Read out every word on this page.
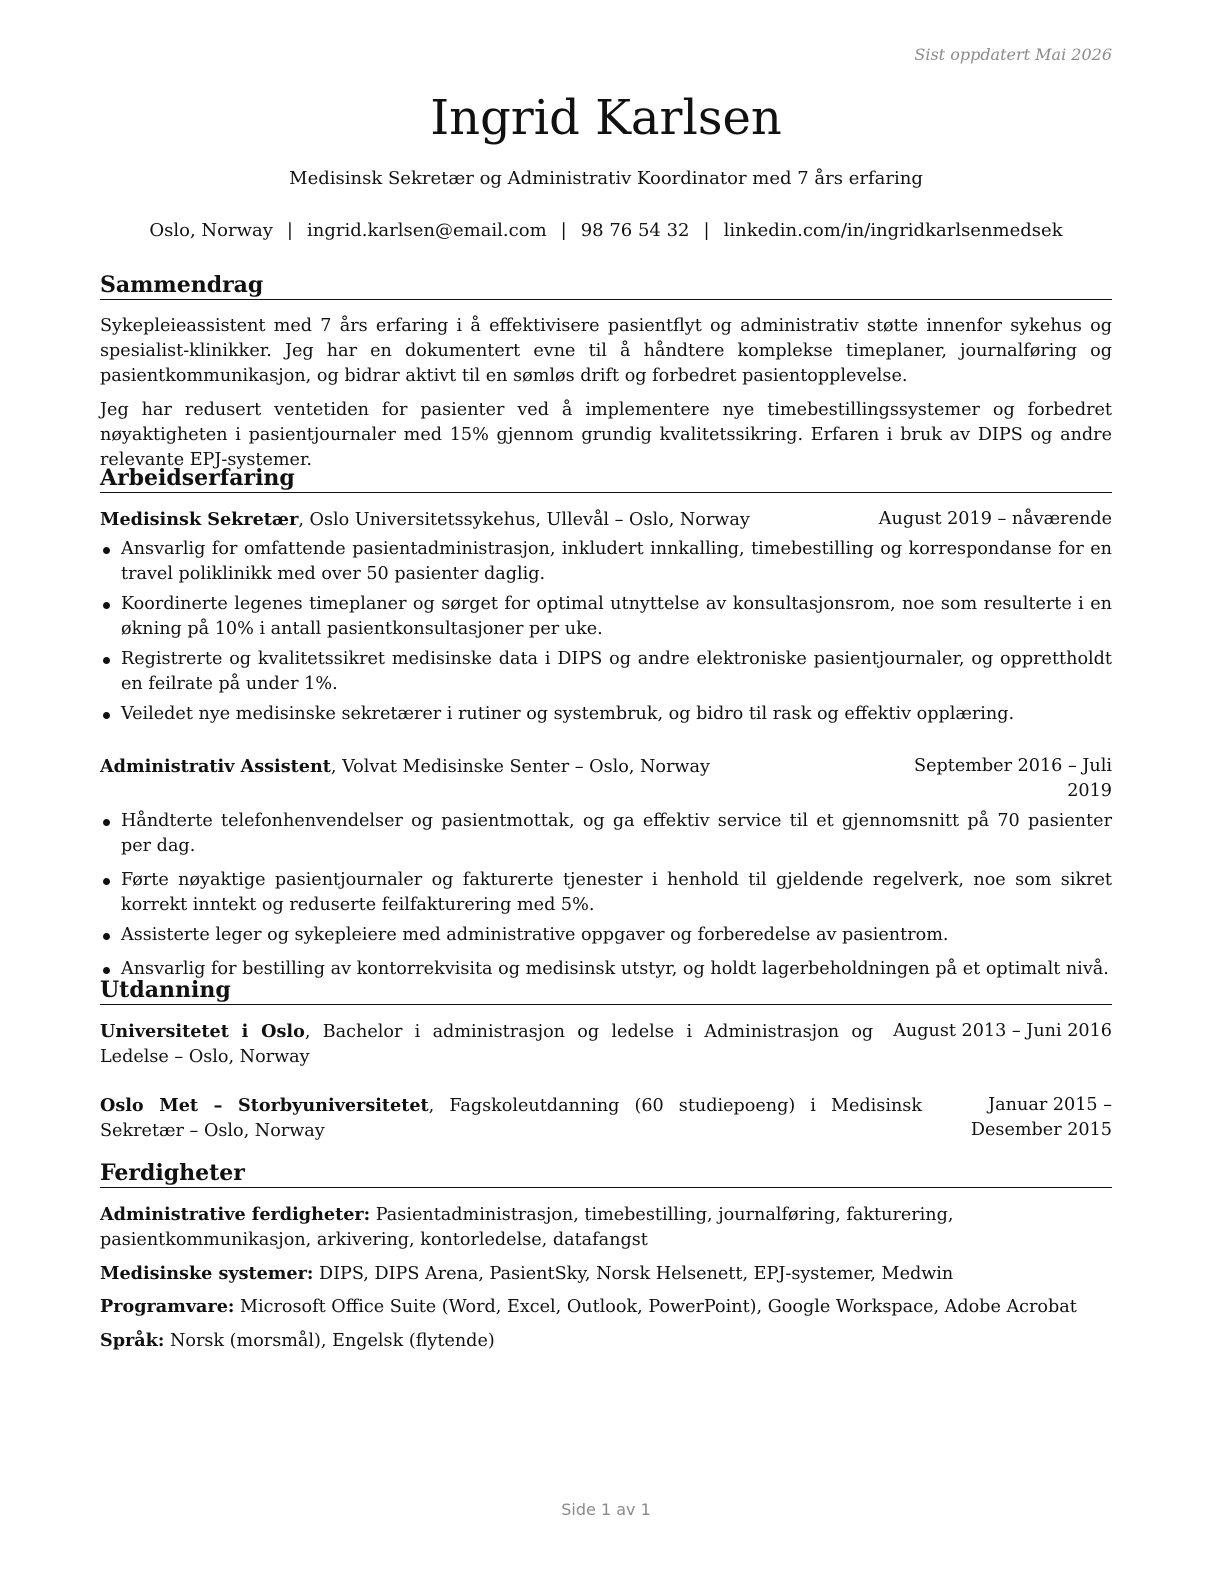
Sist oppdatert Mai 2026
Ingrid Karlsen
Medisinsk Sekretær og Administrativ Koordinator med 7 års erfaring
Oslo, Norway | ingrid.karlsen@email.com | 98 76 54 32 | linkedin.com/in/ingridkarlsenmedsek
Sammendrag

Sykepleieassistent med 7 års erfaring i å effektivisere pasientflyt og administrativ støtte innenfor sykehus og spesialist-klinikker. Jeg har en dokumentert evne til å håndtere komplekse timeplaner, journalføring og pasientkommunikasjon, og bidrar aktivt til en sømløs drift og forbedret pasientopplevelse.

Jeg har redusert ventetiden for pasienter ved å implementere nye timebestillingssystemer og forbedret nøyaktigheten i pasientjournaler med 15% gjennom grundig kvalitetssikring. Erfaren i bruk av DIPS og andre relevante EPJ-systemer.

Arbeidserfaring
Medisinsk Sekretær, Oslo Universitetssykehus, Ullevål – Oslo, Norway	August 2019 – nåværende
Ansvarlig for omfattende pasientadministrasjon, inkludert innkalling, timebestilling og korrespondanse for en travel poliklinikk med over 50 pasienter daglig.
Koordinerte legenes timeplaner og sørget for optimal utnyttelse av konsultasjonsrom, noe som resulterte i en økning på 10% i antall pasientkonsultasjoner per uke.
Registrerte og kvalitetssikret medisinske data i DIPS og andre elektroniske pasientjournaler, og opprettholdt en feilrate på under 1%.
Veiledet nye medisinske sekretærer i rutiner og systembruk, og bidro til rask og effektiv opplæring.
Administrativ Assistent, Volvat Medisinske Senter – Oslo, Norway	September 2016 – Juli 2019
Håndterte telefonhenvendelser og pasientmottak, og ga effektiv service til et gjennomsnitt på 70 pasienter per dag.
Førte nøyaktige pasientjournaler og fakturerte tjenester i henhold til gjeldende regelverk, noe som sikret korrekt inntekt og reduserte feilfakturering med 5%.
Assisterte leger og sykepleiere med administrative oppgaver og forberedelse av pasientrom.
Ansvarlig for bestilling av kontorrekvisita og medisinsk utstyr, og holdt lagerbeholdningen på et optimalt nivå.
Utdanning
Universitetet i Oslo, Bachelor i administrasjon og ledelse i Administrasjon og Ledelse – Oslo, Norway
August 2013 – Juni 2016
Oslo Met – Storbyuniversitetet, Fagskoleutdanning (60 studiepoeng) i Medisinsk Sekretær – Oslo, Norway
Januar 2015 – Desember 2015
Ferdigheter

Administrative ferdigheter: Pasientadministrasjon, timebestilling, journalføring, fakturering, pasientkommunikasjon, arkivering, kontorledelse, datafangst

Medisinske systemer: DIPS, DIPS Arena, PasientSky, Norsk Helsenett, EPJ-systemer, Medwin

Programvare: Microsoft Office Suite (Word, Excel, Outlook, PowerPoint), Google Workspace, Adobe Acrobat

Språk: Norsk (morsmål), Engelsk (flytende)

Side 1 av 1
